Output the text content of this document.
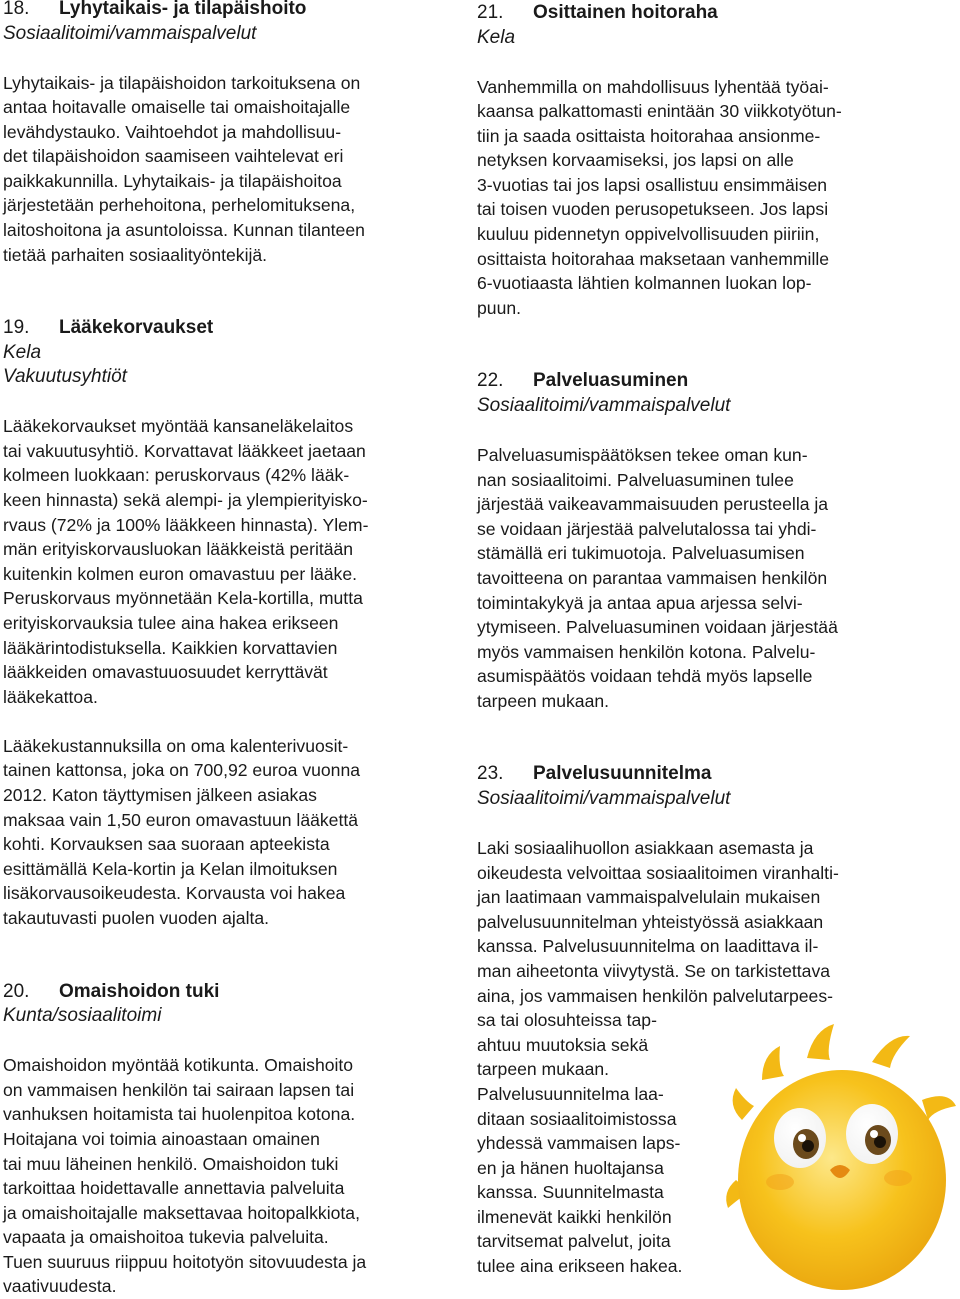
18. Lyhytaikais- ja tilapäishoito
Sosiaalitoimi/vammaispalvelut
Lyhytaikais- ja tilapäishoidon tarkoituksena on
antaa hoitavalle omaiselle tai omaishoitajalle
levähdystauko. Vaihtoehdot ja mahdollisuu-
det tilapäishoidon saamiseen vaihtelevat eri
paikkakunnilla. Lyhytaikais- ja tilapäishoitoa
järjestetään perhehoitona, perhelomituksena,
laitoshoitona ja asuntoloissa. Kunnan tilanteen
tietää parhaiten sosiaalityöntekijä.
19. Lääkekorvaukset
Kela
Vakuutusyhtiöt
Lääkekorvaukset myöntää kansaneläkelaitos
tai vakuutusyhtiö. Korvattavat lääkkeet jaetaan
kolmeen luokkaan: peruskorvaus (42% lääk-
keen hinnasta) sekä alempi- ja ylempierityisko-
rvaus (72% ja 100% lääkkeen hinnasta). Ylem-
män erityiskorvausluokan lääkkeistä peritään
kuitenkin kolmen euron omavastuu per lääke.
Peruskorvaus myönnetään Kela-kortilla, mutta
erityiskorvauksia tulee aina hakea erikseen
lääkärintodistuksella. Kaikkien korvattavien
lääkkeiden omavastuuosuudet kerryttävät
lääkekattoa.
Lääkekustannuksilla on oma kalenterivuosit-
tainen kattonsa, joka on 700,92 euroa vuonna
2012. Katon täyttymisen jälkeen asiakas
maksaa vain 1,50 euron omavastuun lääkettä
kohti. Korvauksen saa suoraan apteekista
esittämällä Kela-kortin ja Kelan ilmoituksen
lisäkorvausoikeudesta. Korvausta voi hakea
takautuvasti puolen vuoden ajalta.
20. Omaishoidon tuki
Kunta/sosiaalitoimi
Omaishoidon myöntää kotikunta. Omaishoito
on vammaisen henkilön tai sairaan lapsen tai
vanhuksen hoitamista tai huolenpitoa kotona.
Hoitajana voi toimia ainoastaan omainen
tai muu läheinen henkilö. Omaishoidon tuki
tarkoittaa hoidettavalle annettavia palveluita
ja omaishoitajalle maksettavaa hoitopalkkiota,
vapaata ja omaishoitoa tukevia palveluita.
Tuen suuruus riippuu hoitotyön sitovuudesta ja
vaativuudesta.
21. Osittainen hoitoraha
Kela
Vanhemmilla on mahdollisuus lyhentää työai-
kaansa palkattomasti enintään 30 viikkotyötun-
tiin ja saada osittaista hoitorahaa ansionme-
netyksen korvaamiseksi, jos lapsi on alle
3-vuotias tai jos lapsi osallistuu ensimmäisen
tai toisen vuoden perusopetukseen. Jos lapsi
kuuluu pidennetyn oppivelvollisuuden piiriin,
osittaista hoitorahaa maksetaan vanhemmille
6-vuotiaasta lähtien kolmannen luokan lop-
puun.
22. Palveluasuminen
Sosiaalitoimi/vammaispalvelut
Palveluasumispäätöksen tekee oman kun-
nan sosiaalitoimi. Palveluasuminen tulee
järjestää vaikeavammaisuuden perusteella ja
se voidaan järjestää palvelutalossa tai yhdi-
stämällä eri tukimuotoja. Palveluasumisen
tavoitteena on parantaa vammaisen henkilön
toimintakykyä ja antaa apua arjessa selvi-
ytymiseen. Palveluasuminen voidaan järjestää
myös vammaisen henkilön kotona. Palvelu-
asumispäätös voidaan tehdä myös lapselle
tarpeen mukaan.
23. Palvelusuunnitelma
Sosiaalitoimi/vammaispalvelut
Laki sosiaalihuollon asiakkaan asemasta ja
oikeudesta velvoittaa sosiaalitoimen viranhalti-
jan laatimaan vammaispalvelulain mukaisen
palvelusuunnitelman yhteistyössä asiakkaan
kanssa. Palvelusuunnitelma on laadittava il-
man aiheetonta viivytystä. Se on tarkistettava
aina, jos vammaisen henkilön palvelutarpees-
sa tai olosuhteissa tap-
ahtuu muutoksia sekä
tarpeen mukaan.
Palvelusuunnitelma laa-
ditaan sosiaalitoimistossa
yhdessä vammaisen laps-
en ja hänen huoltajansa
kanssa. Suunnitelmasta
ilmenevät kaikki henkilön
tarvitsemat palvelut, joita
tulee aina erikseen hakea.
